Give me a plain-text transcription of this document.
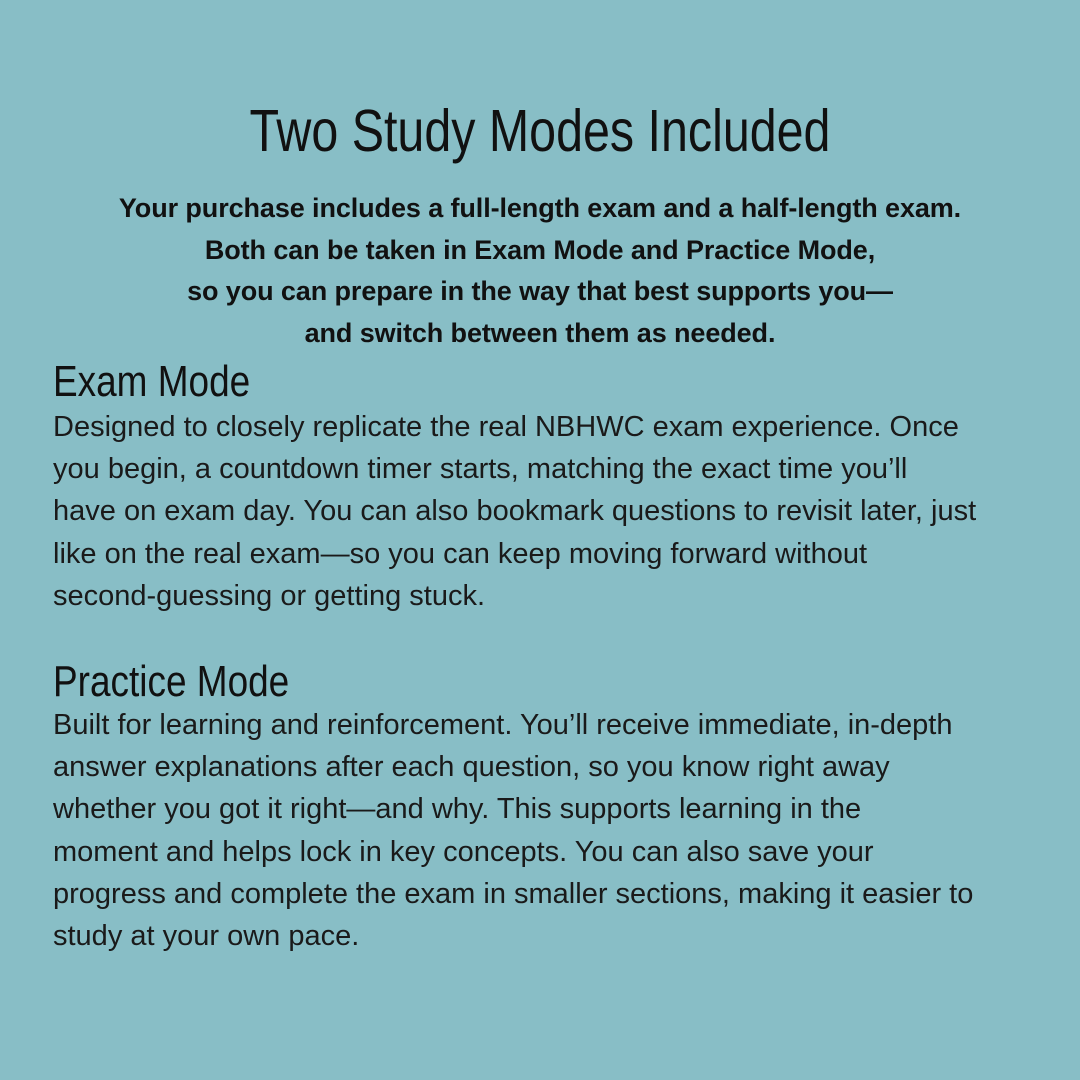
Two Study Modes Included

Your purchase includes a full-length exam and a half-length exam.
Both can be taken in Exam Mode and Practice Mode,
so you can prepare in the way that best supports you—
and switch between them as needed.

Exam Mode

Designed to closely replicate the real NBHWC exam experience. Once
you begin, a countdown timer starts, matching the exact time you’ll
have on exam day. You can also bookmark questions to revisit later, just
like on the real exam—so you can keep moving forward without
second-guessing or getting stuck.

Practice Mode

Built for learning and reinforcement. You’ll receive immediate, in-depth
answer explanations after each question, so you know right away
whether you got it right—and why. This supports learning in the
moment and helps lock in key concepts. You can also save your
progress and complete the exam in smaller sections, making it easier to
study at your own pace.
